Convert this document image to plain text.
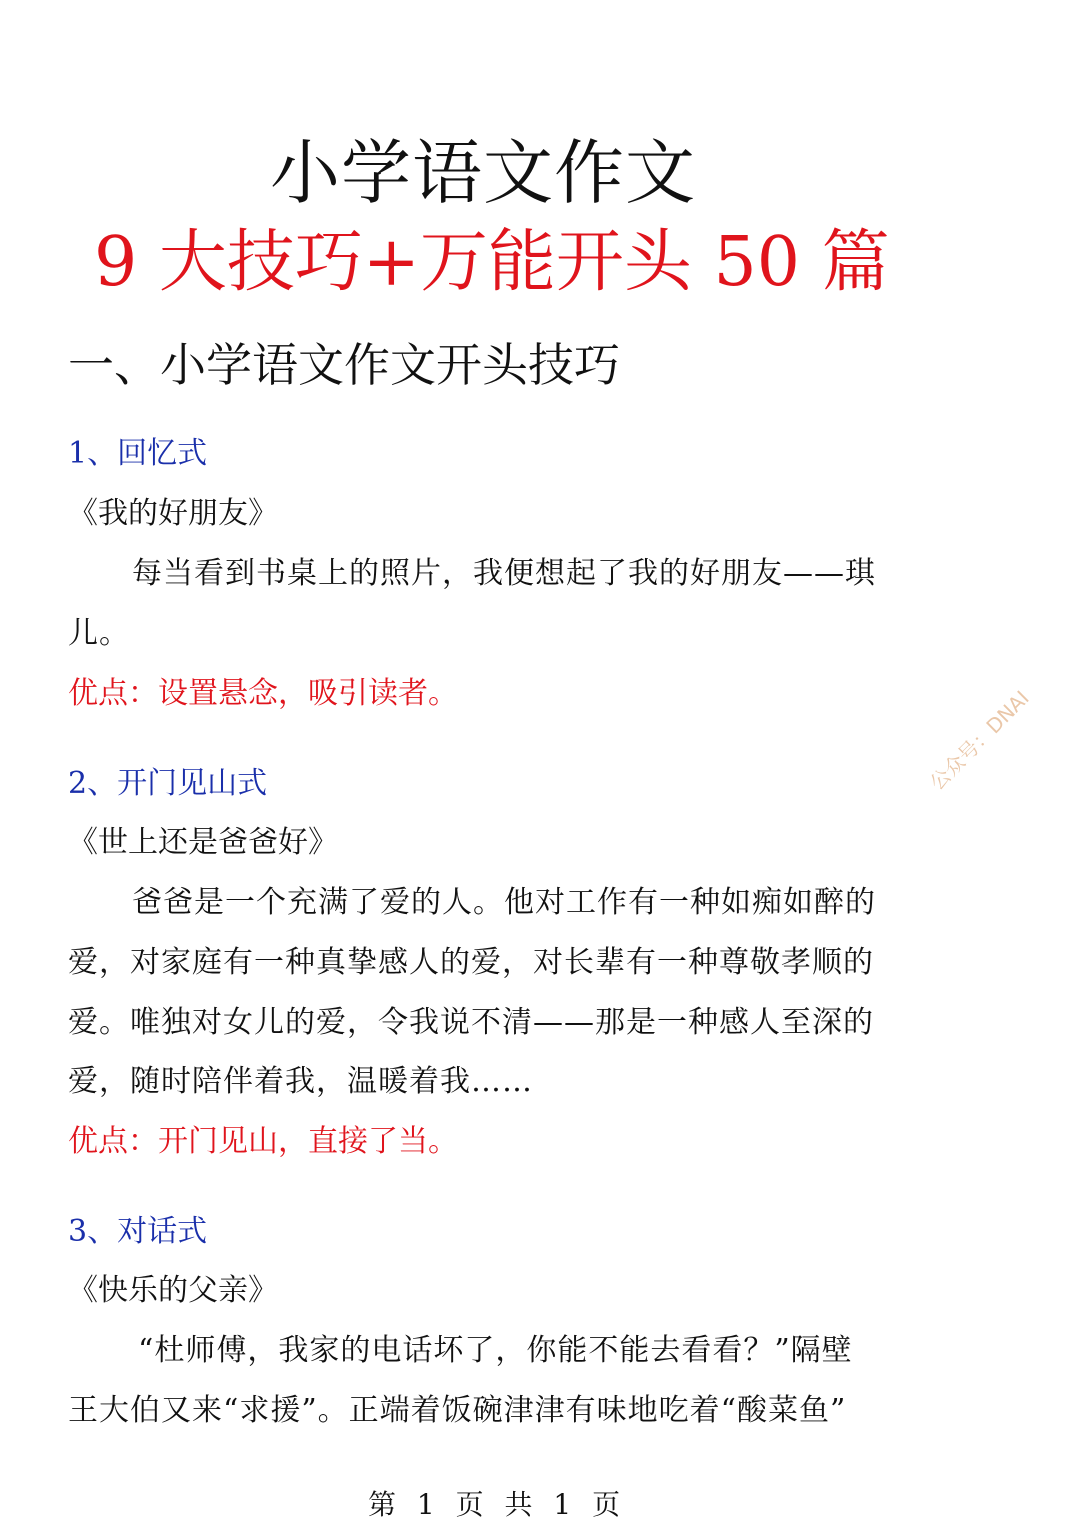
小学语文作文
9 大技巧+万能开头 50 篇
一、小学语文作文开头技巧
1、回忆式
《我的好朋友》
每当看到书桌上的照片，我便想起了我的好朋友——琪
儿。
优点：设置悬念，吸引读者。
2、开门见山式
《世上还是爸爸好》
爸爸是一个充满了爱的人。他对工作有一种如痴如醉的
爱，对家庭有一种真挚感人的爱，对长辈有一种尊敬孝顺的
爱。唯独对女儿的爱，令我说不清——那是一种感人至深的
爱，随时陪伴着我，温暖着我……
优点：开门见山，直接了当。
3、对话式
《快乐的父亲》
“杜师傅，我家的电话坏了，你能不能去看看？”隔壁
王大伯又来“求援”。正端着饭碗津津有味地吃着“酸菜鱼”
公众号：DNAI
第 1 页 共 1 页
